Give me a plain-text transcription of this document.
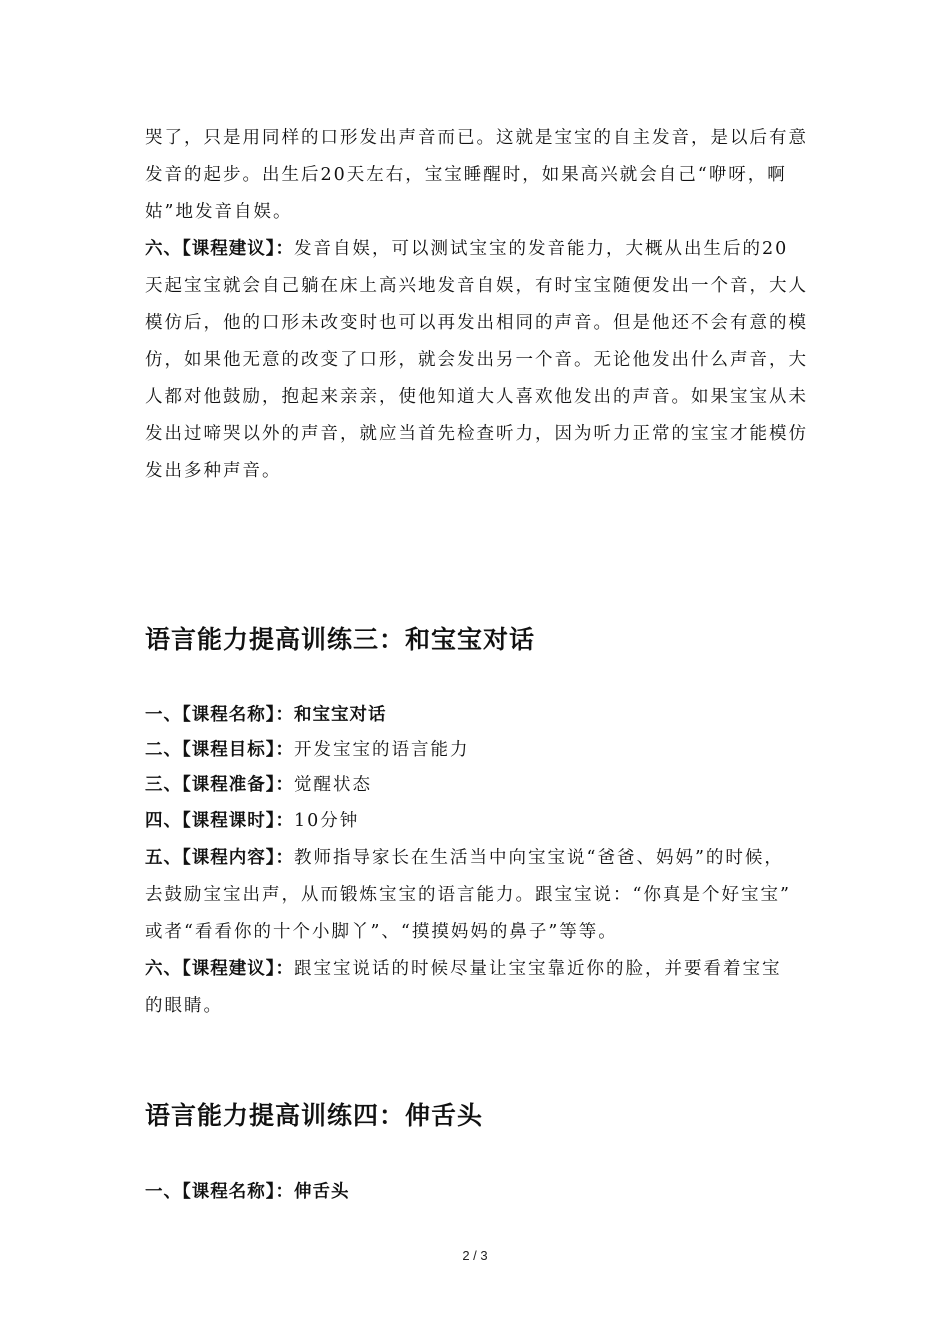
哭了，只是用同样的口形发出声音而已。这就是宝宝的自主发音，是以后有意
发音的起步。出生后20天左右，宝宝睡醒时，如果高兴就会自己“咿呀，啊
姑”地发音自娱。
六、【课程建议】：发音自娱，可以测试宝宝的发音能力，大概从出生后的20
天起宝宝就会自己躺在床上高兴地发音自娱，有时宝宝随便发出一个音，大人
模仿后，他的口形未改变时也可以再发出相同的声音。但是他还不会有意的模
仿，如果他无意的改变了口形，就会发出另一个音。无论他发出什么声音，大
人都对他鼓励，抱起来亲亲，使他知道大人喜欢他发出的声音。如果宝宝从未
发出过啼哭以外的声音，就应当首先检查听力，因为听力正常的宝宝才能模仿
发出多种声音。
语言能力提高训练三：和宝宝对话
一、【课程名称】：和宝宝对话
二、【课程目标】：开发宝宝的语言能力
三、【课程准备】：觉醒状态
四、【课程课时】：10分钟
五、【课程内容】：教师指导家长在生活当中向宝宝说“爸爸、妈妈”的时候，
去鼓励宝宝出声，从而锻炼宝宝的语言能力。跟宝宝说：“你真是个好宝宝”
或者“看看你的十个小脚丫”、“摸摸妈妈的鼻子”等等。
六、【课程建议】：跟宝宝说话的时候尽量让宝宝靠近你的脸，并要看着宝宝
的眼睛。
语言能力提高训练四：伸舌头
一、【课程名称】：伸舌头
2 / 3
